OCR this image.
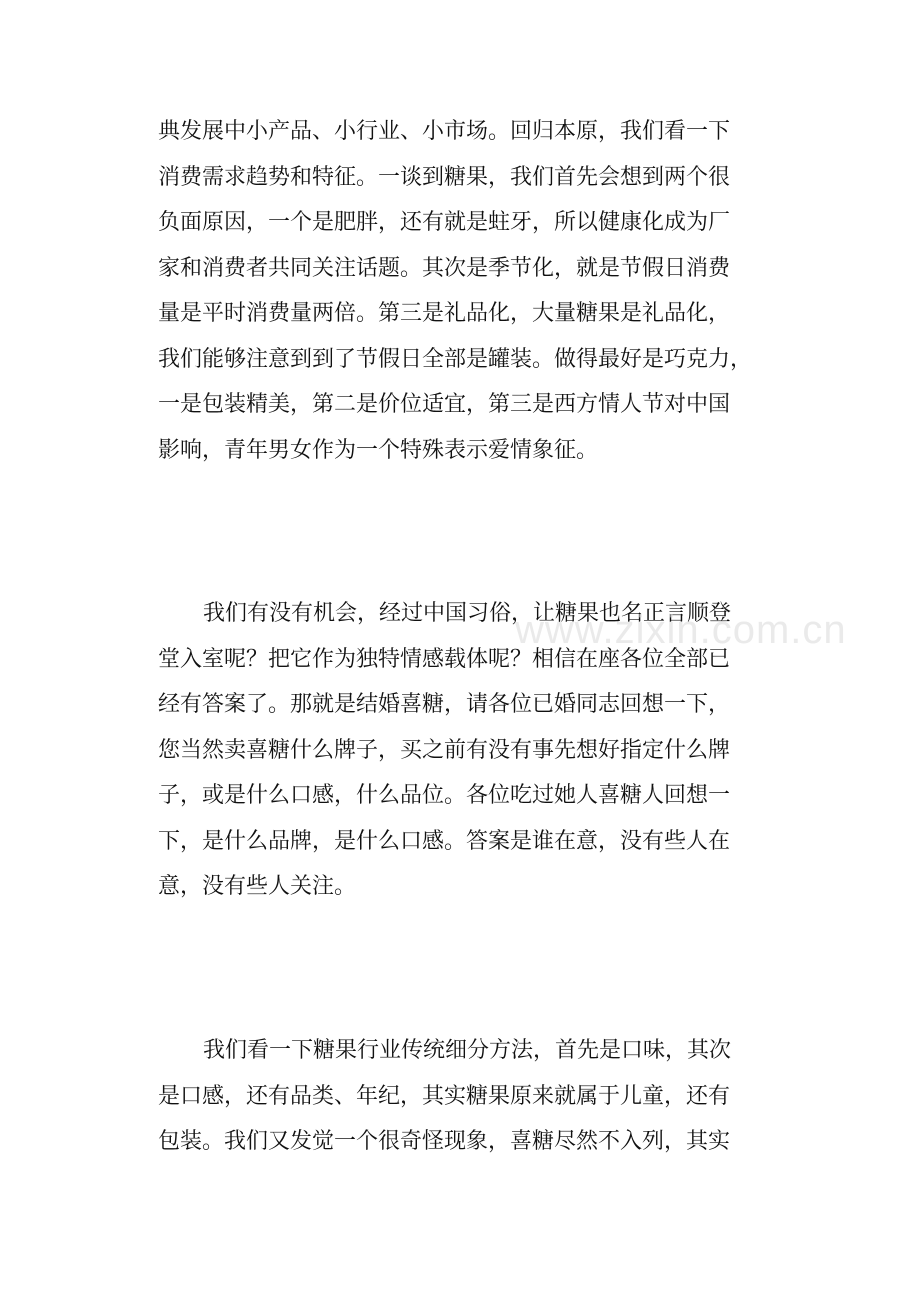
典发展中小产品、小行业、小市场。回归本原，我们看一下
消费需求趋势和特征。一谈到糖果，我们首先会想到两个很
负面原因，一个是肥胖，还有就是蛀牙，所以健康化成为厂
家和消费者共同关注话题。其次是季节化，就是节假日消费
量是平时消费量两倍。第三是礼品化，大量糖果是礼品化，
我们能够注意到到了节假日全部是罐装。做得最好是巧克力，
一是包装精美，第二是价位适宜，第三是西方情人节对中国
影响，青年男女作为一个特殊表示爱情象征。
我们有没有机会，经过中国习俗，让糖果也名正言顺登
堂入室呢？把它作为独特情感载体呢？相信在座各位全部已
经有答案了。那就是结婚喜糖，请各位已婚同志回想一下，
您当然卖喜糖什么牌子，买之前有没有事先想好指定什么牌
子，或是什么口感，什么品位。各位吃过她人喜糖人回想一
下，是什么品牌，是什么口感。答案是谁在意，没有些人在
意，没有些人关注。
我们看一下糖果行业传统细分方法，首先是口味，其次
是口感，还有品类、年纪，其实糖果原来就属于儿童，还有
包装。我们又发觉一个很奇怪现象，喜糖尽然不入列，其实
www.zixin.com.cn
